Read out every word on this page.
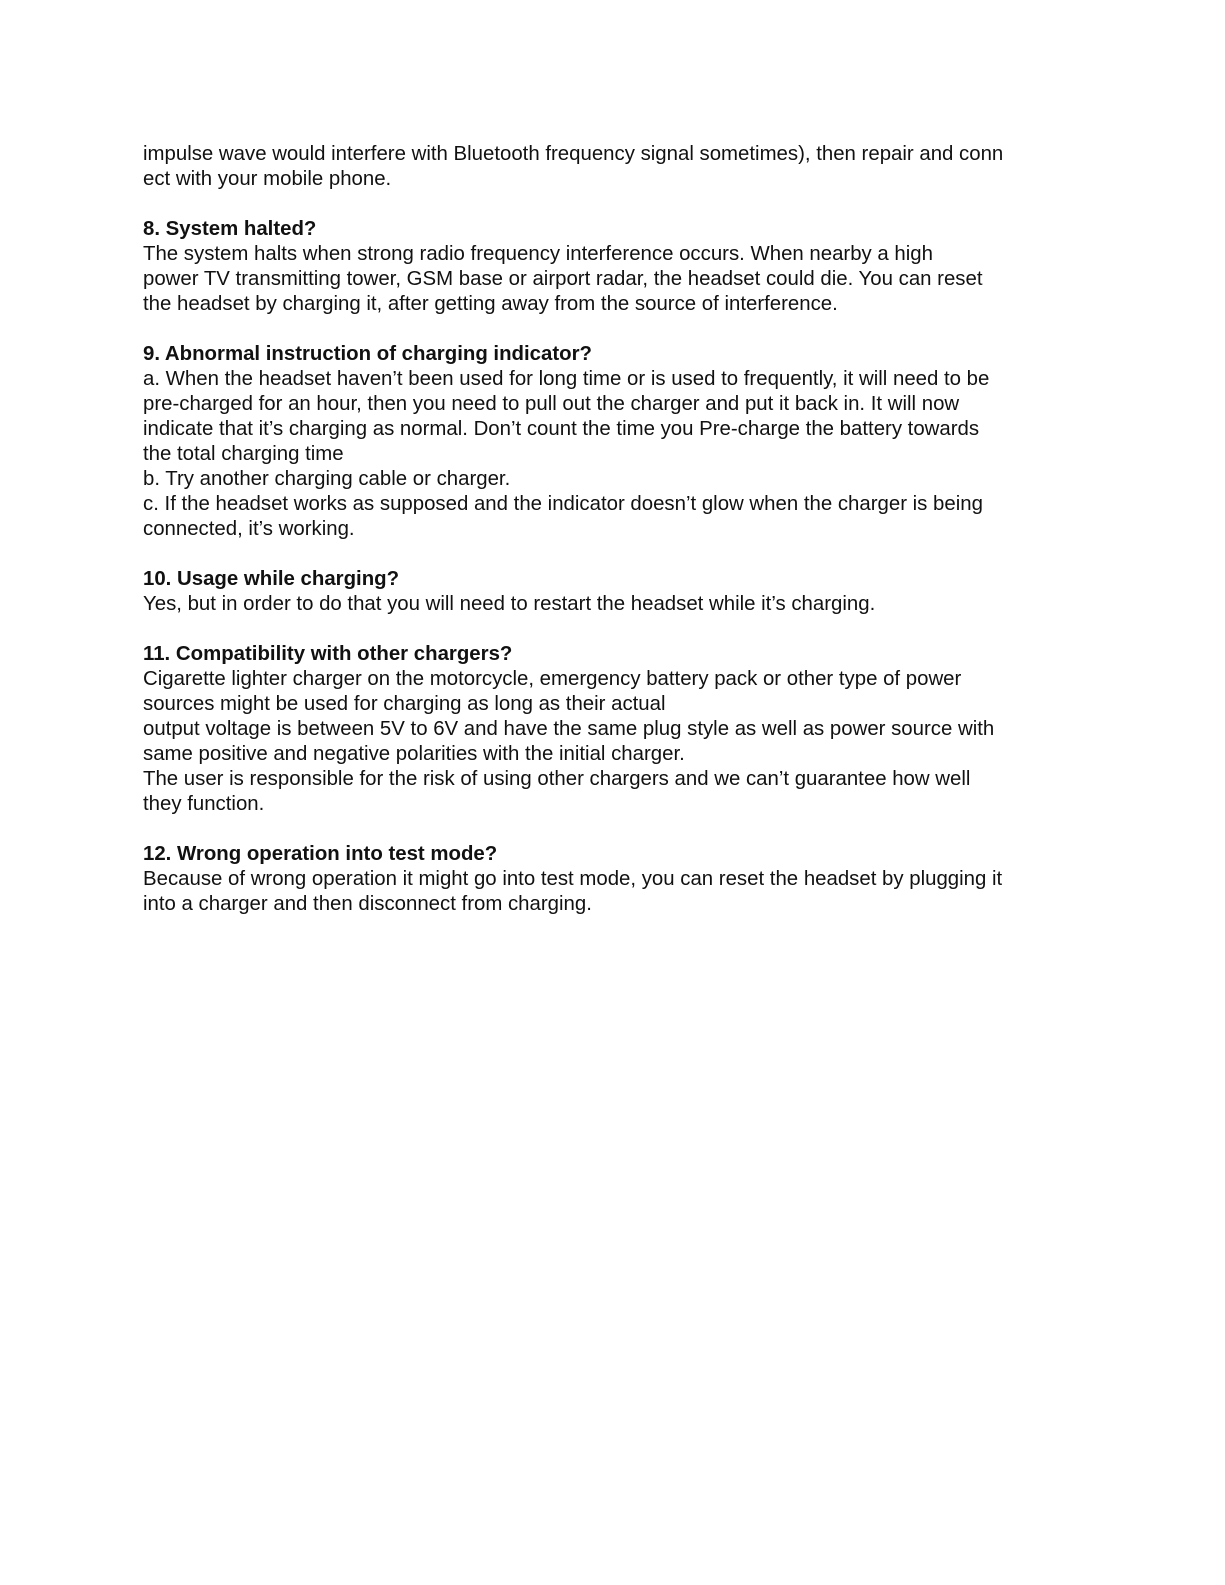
impulse wave would interfere with Bluetooth frequency signal sometimes), then repair and conn
ect with your mobile phone.
8. System halted?
The system halts when strong radio frequency interference occurs. When nearby a high
power TV transmitting tower, GSM base or airport radar, the headset could die. You can reset
the headset by charging it, after getting away from the source of interference.
9. Abnormal instruction of charging indicator?
a. When the headset haven’t been used for long time or is used to frequently, it will need to be
pre-charged for an hour, then you need to pull out the charger and put it back in. It will now
indicate that it’s charging as normal. Don’t count the time you Pre-charge the battery towards
the total charging time
b. Try another charging cable or charger.
c. If the headset works as supposed and the indicator doesn’t glow when the charger is being
connected, it’s working.
10. Usage while charging?
Yes, but in order to do that you will need to restart the headset while it’s charging.
11. Compatibility with other chargers?
Cigarette lighter charger on the motorcycle, emergency battery pack or other type of power
sources might be used for charging as long as their actual
output voltage is between 5V to 6V and have the same plug style as well as power source with
same positive and negative polarities with the initial charger.
The user is responsible for the risk of using other chargers and we can’t guarantee how well
they function.
12. Wrong operation into test mode?
Because of wrong operation it might go into test mode, you can reset the headset by plugging it
into a charger and then disconnect from charging.
